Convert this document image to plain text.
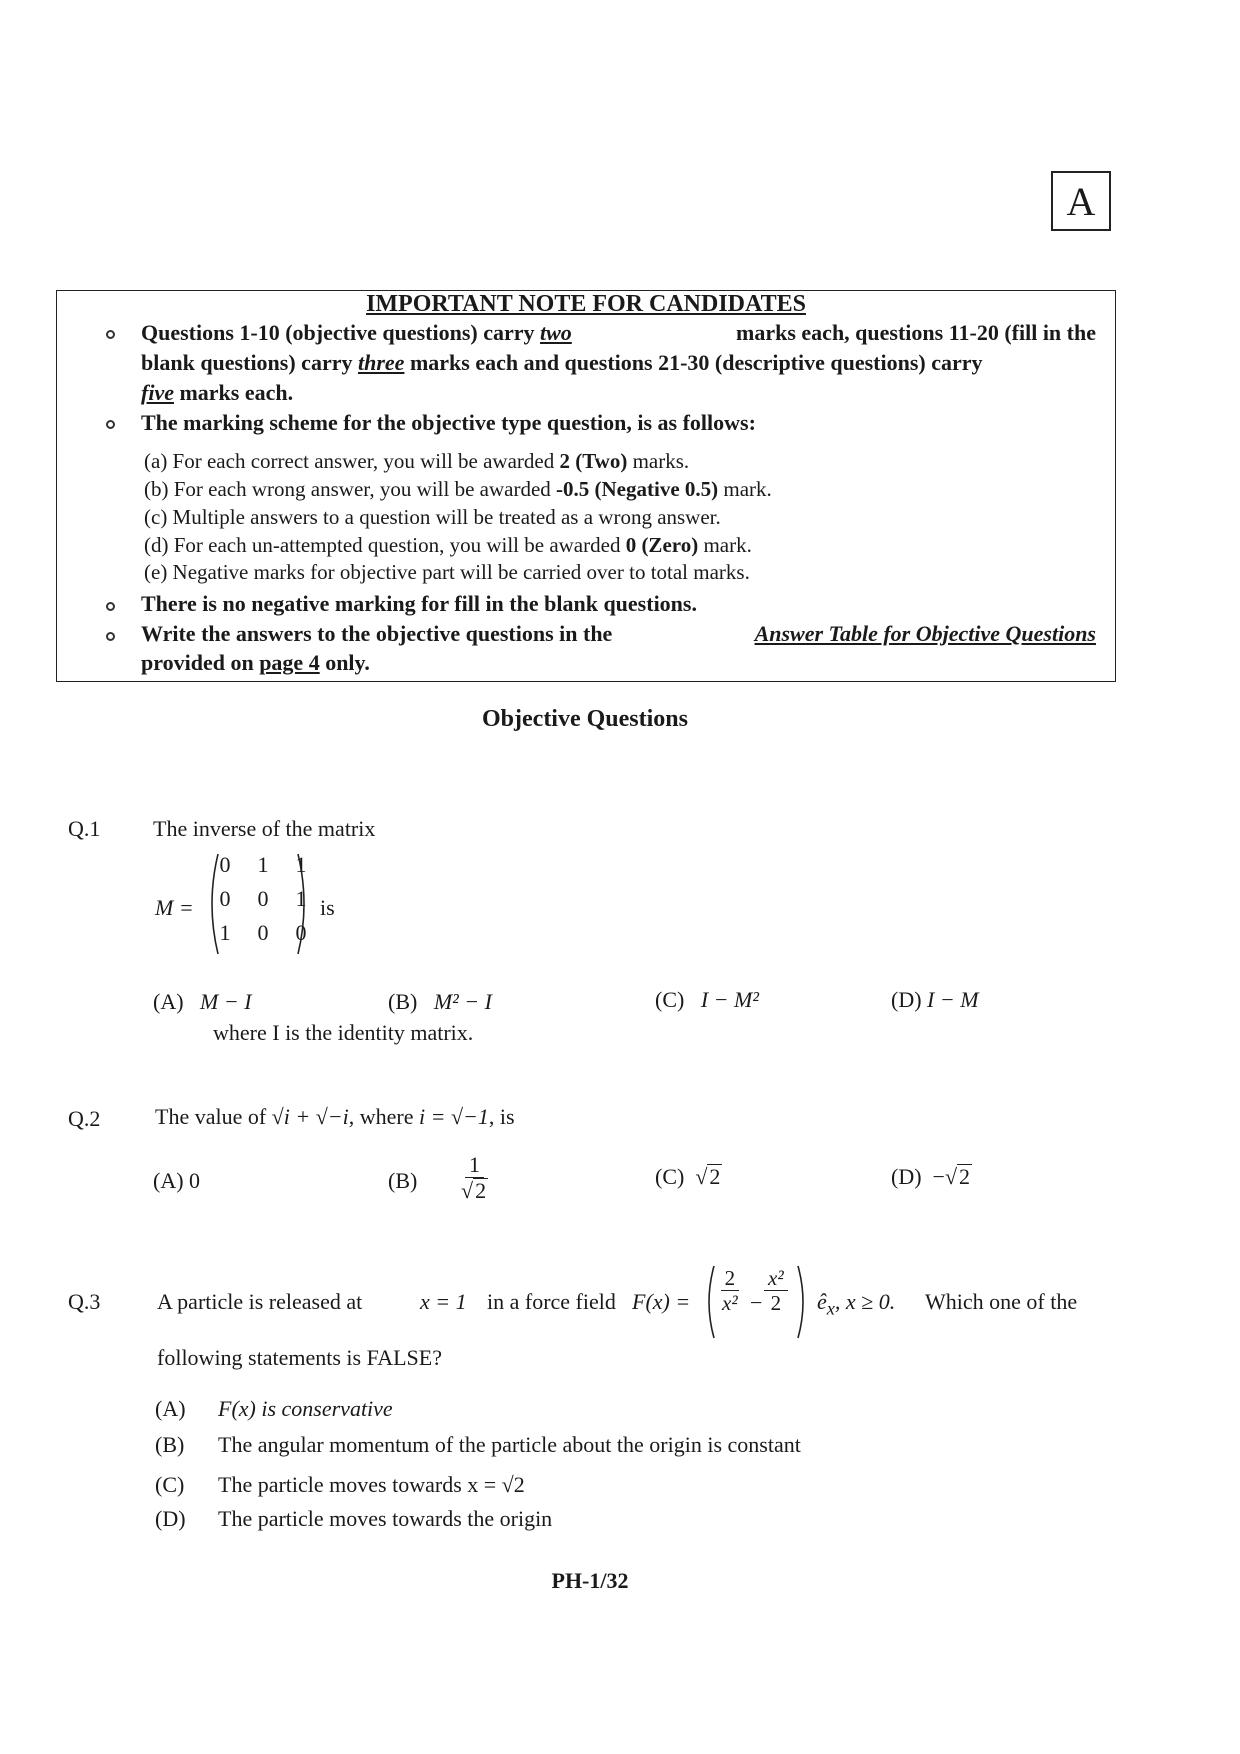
A
IMPORTANT NOTE FOR CANDIDATES
Questions 1-10 (objective questions) carry two	marks each, questions 11-20 (fill in the
blank questions) carry three marks each and questions 21-30 (descriptive questions) carry
five marks each.
The marking scheme for the objective type question, is as follows:
(a) For each correct answer, you will be awarded 2 (Two) marks.
(b) For each wrong answer, you will be awarded -0.5 (Negative 0.5) mark.
(c) Multiple answers to a question will be treated as a wrong answer.
(d) For each un-attempted question, you will be awarded 0 (Zero) mark.
(e) Negative marks for objective part will be carried over to total marks.
There is no negative marking for fill in the blank questions.
Write the answers to the objective questions in the	Answer Table for Objective Questions
provided on page 4 only.
Objective Questions
Q.1 The inverse of the matrix
M =
0	1	1
0	0	1
1	0	0
is
(A) M − I	(B) M² − I	(C) I − M²	(D) I − M
where I is the identity matrix.
Q.2 The value of √i + √−i, where i = √−1, is
(A) 0	$(B) \frac{1}{√ 2}$	(C) √ 2	(D) −√ 2
Q.3	A particle is released at	x = 1 in a force field $F(x) = \frac{2}{\text{x²}} - \frac{\text{x²}}{2}$ $ê_x$, x ≥ 0. Which one of the
following statements is FALSE?
(A) F(x) is conservative
(B) The angular momentum of the particle about the origin is constant
(C) The particle moves towards x = √2
(D) The particle moves towards the origin
PH-1/32
